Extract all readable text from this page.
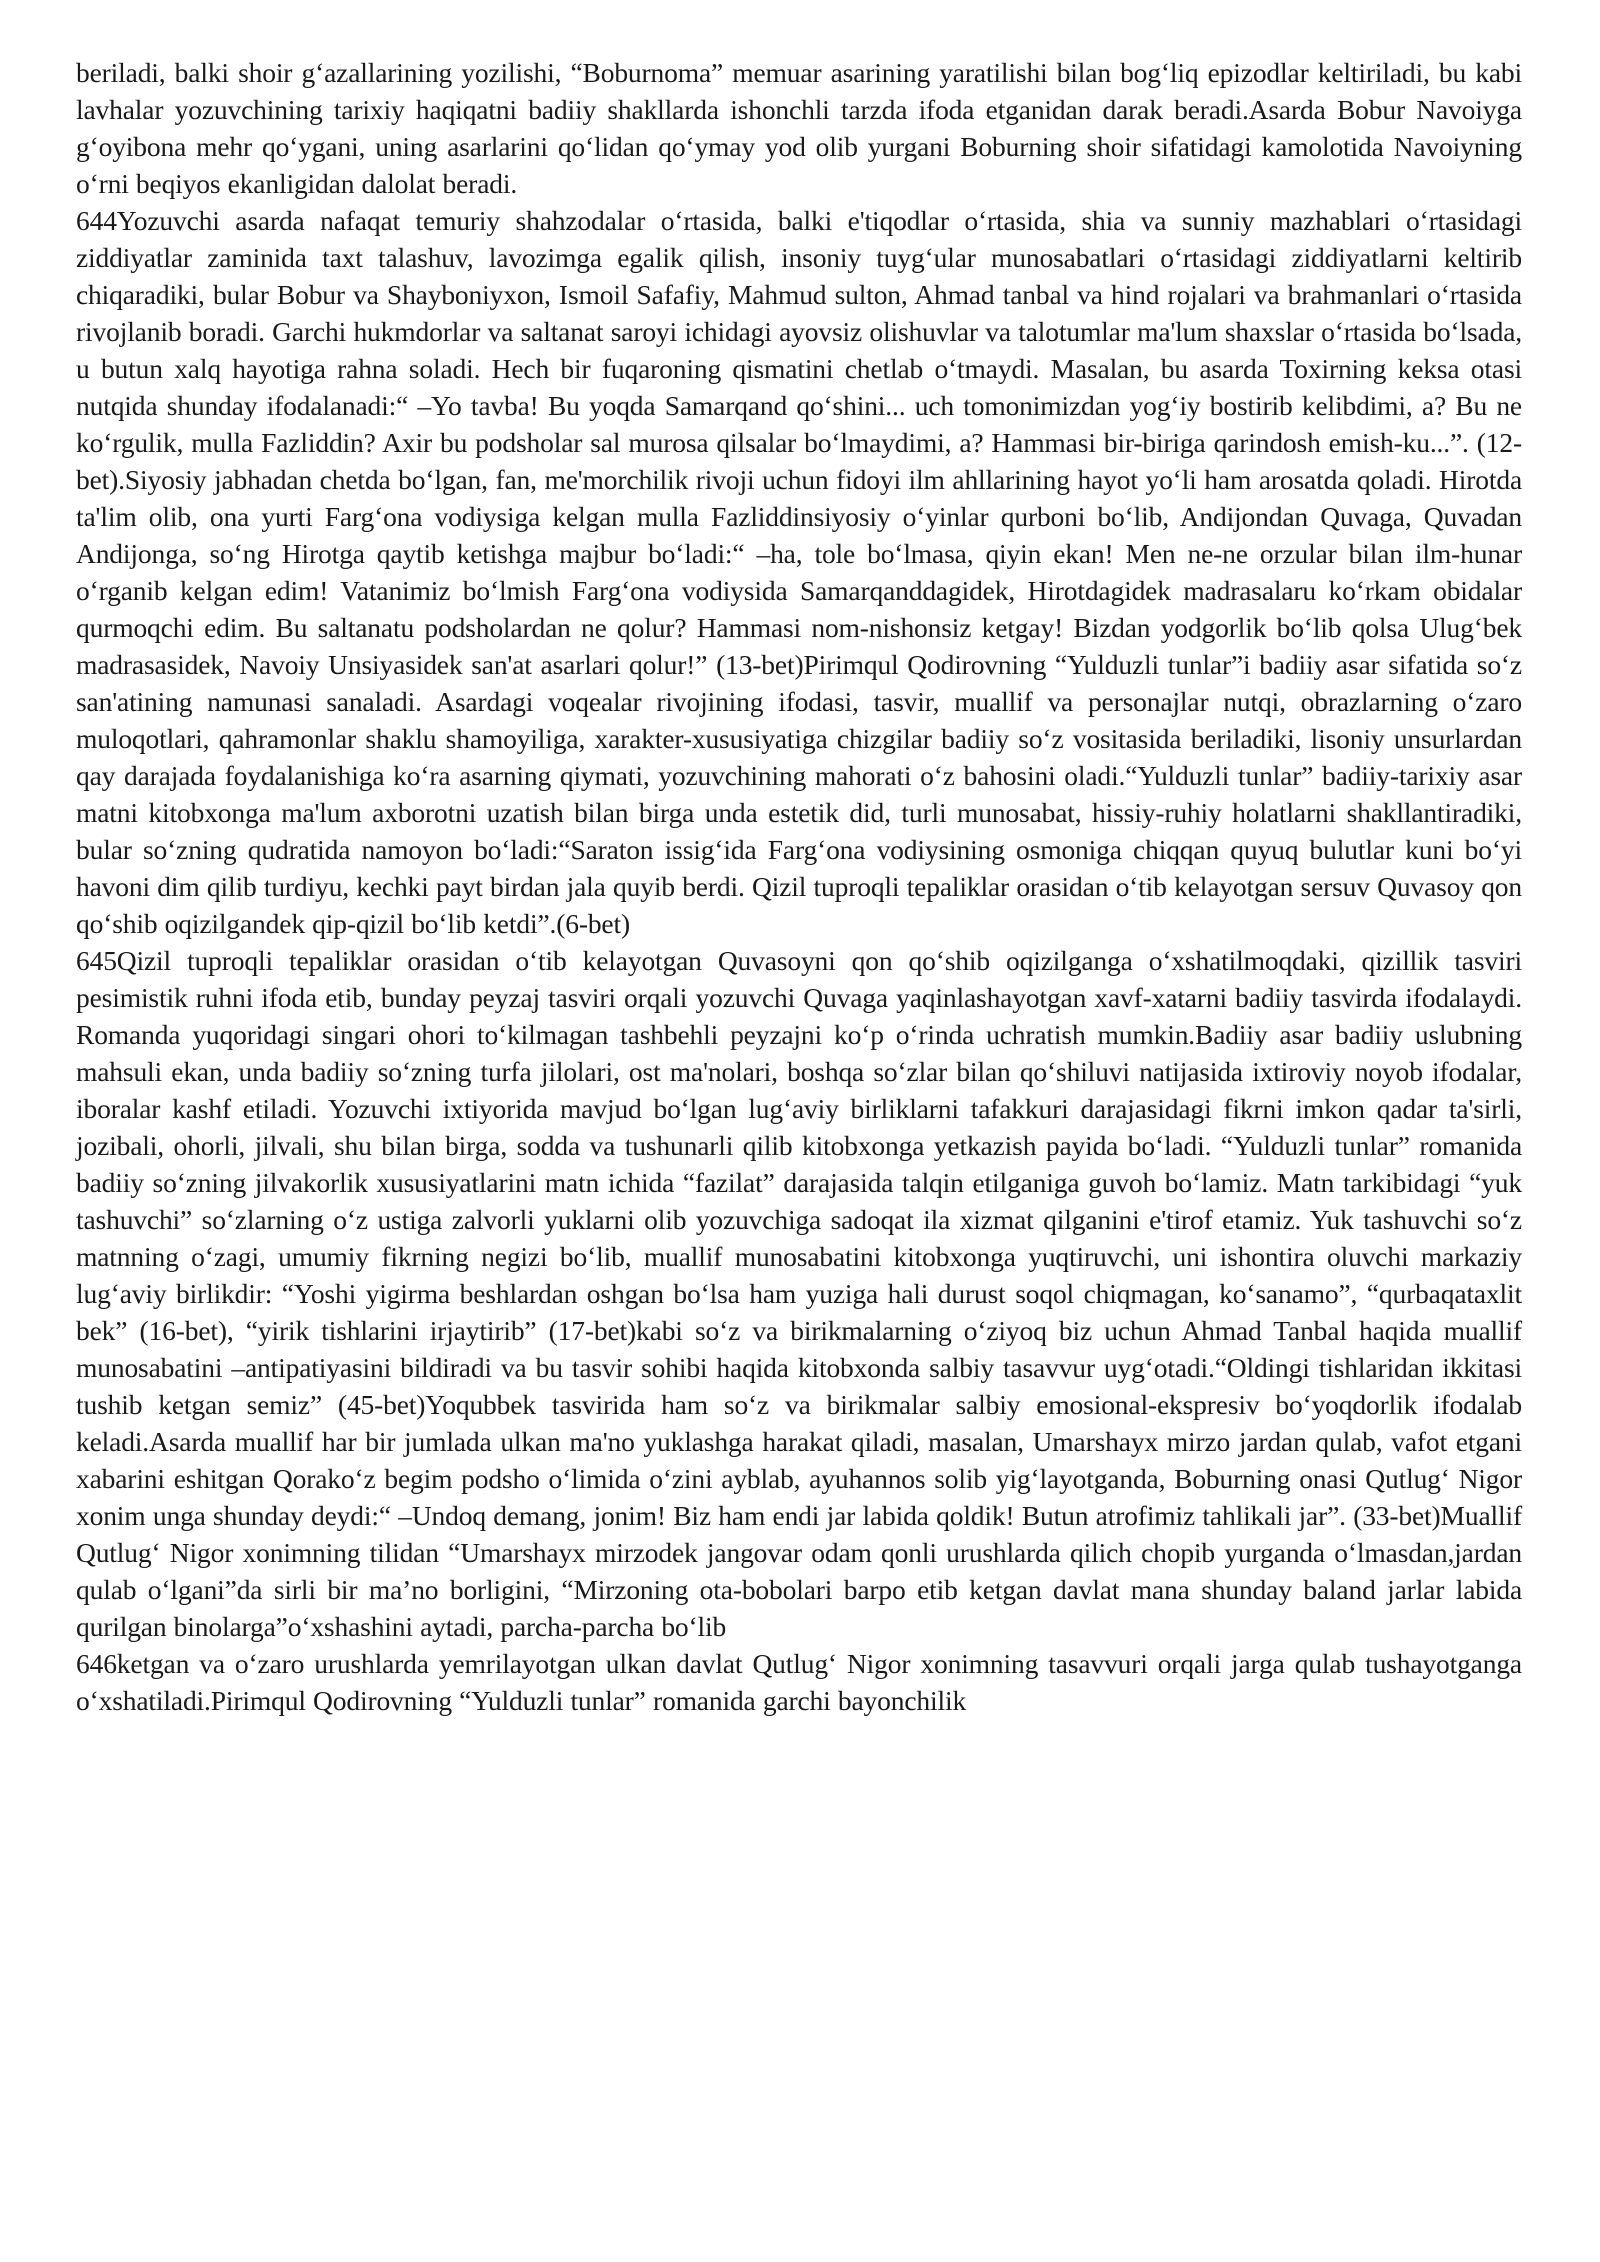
beriladi, balki shoir g‘azallarining yozilishi, “Boburnoma” memuar asarining yaratilishi bilan bog‘liq epizodlar keltiriladi, bu kabi lavhalar yozuvchining tarixiy haqiqatni badiiy shakllarda ishonchli tarzda ifoda etganidan darak beradi.Asarda Bobur Navoiyga g‘oyibona mehr qo‘ygani, uning asarlarini qo‘lidan qo‘ymay yod olib yurgani Boburning shoir sifatidagi kamolotida Navoiyning o‘rni beqiyos ekanligidan dalolat beradi.

644Yozuvchi asarda nafaqat temuriy shahzodalar o‘rtasida, balki e'tiqodlar o‘rtasida, shia va sunniy mazhablari o‘rtasidagi ziddiyatlar zaminida taxt talashuv, lavozimga egalik qilish, insoniy tuyg‘ular munosabatlari o‘rtasidagi ziddiyatlarni keltirib chiqaradiki, bular Bobur va Shayboniyxon, Ismoil Safafiy, Mahmud sulton, Ahmad tanbal va hind rojalari va brahmanlari o‘rtasida rivojlanib boradi. Garchi hukmdorlar va saltanat saroyi ichidagi ayovsiz olishuvlar va talotumlar ma'lum shaxslar o‘rtasida bo‘lsada, u butun xalq hayotiga rahna soladi. Hech bir fuqaroning qismatini chetlab o‘tmaydi. Masalan, bu asarda Toxirning keksa otasi nutqida shunday ifodalanadi:“ –Yo tavba! Bu yoqda Samarqand qo‘shini... uch tomonimizdan yog‘iy bostirib kelibdimi, a? Bu ne ko‘rgulik, mulla Fazliddin? Axir bu podsholar sal murosa qilsalar bo‘lmaydimi, a? Hammasi bir-biriga qarindosh emish-ku...”. (12-bet).Siyosiy jabhadan chetda bo‘lgan, fan, me'morchilik rivoji uchun fidoyi ilm ahllarining hayot yo‘li ham arosatda qoladi. Hirotda ta'lim olib, ona yurti Farg‘ona vodiysiga kelgan mulla Fazliddinsiyosiy o‘yinlar qurboni bo‘lib, Andijondan Quvaga, Quvadan Andijonga, so‘ng Hirotga qaytib ketishga majbur bo‘ladi:“ –ha, tole bo‘lmasa, qiyin ekan! Men ne-ne orzular bilan ilm-hunar o‘rganib kelgan edim! Vatanimiz bo‘lmish Farg‘ona vodiysida Samarqanddagidek, Hirotdagidek madrasalaru ko‘rkam obidalar qurmoqchi edim. Bu saltanatu podsholardan ne qolur? Hammasi nom-nishonsiz ketgay! Bizdan yodgorlik bo‘lib qolsa Ulug‘bek madrasasidek, Navoiy Unsiyasidek san'at asarlari qolur!” (13-bet)Pirimqul Qodirovning “Yulduzli tunlar”i badiiy asar sifatida so‘z san'atining namunasi sanaladi. Asardagi voqealar rivojining ifodasi, tasvir, muallif va personajlar nutqi, obrazlarning o‘zaro muloqotlari, qahramonlar shaklu shamoyiliga, xarakter-xususiyatiga chizgilar badiiy so‘z vositasida beriladiki, lisoniy unsurlardan qay darajada foydalanishiga ko‘ra asarning qiymati, yozuvchining mahorati o‘z bahosini oladi.“Yulduzli tunlar” badiiy-tarixiy asar matni kitobxonga ma'lum axborotni uzatish bilan birga unda estetik did, turli munosabat, hissiy-ruhiy holatlarni shakllantiradiki, bular so‘zning qudratida namoyon bo‘ladi:“Saraton issig‘ida Farg‘ona vodiysining osmoniga chiqqan quyuq bulutlar kuni bo‘yi havoni dim qilib turdiyu, kechki payt birdan jala quyib berdi. Qizil tuproqli tepaliklar orasidan o‘tib kelayotgan sersuv Quvasoy qon qo‘shib oqizilgandek qip-qizil bo‘lib ketdi”.(6-bet)

645Qizil tuproqli tepaliklar orasidan o‘tib kelayotgan Quvasoyni qon qo‘shib oqizilganga o‘xshatilmoqdaki, qizillik tasviri pesimistik ruhni ifoda etib, bunday peyzaj tasviri orqali yozuvchi Quvaga yaqinlashayotgan xavf-xatarni badiiy tasvirda ifodalaydi. Romanda yuqoridagi singari ohori to‘kilmagan tashbehli peyzajni ko‘p o‘rinda uchratish mumkin.Badiiy asar badiiy uslubning mahsuli ekan, unda badiiy so‘zning turfa jilolari, ost ma'nolari, boshqa so‘zlar bilan qo‘shiluvi natijasida ixtiroviy noyob ifodalar, iboralar kashf etiladi. Yozuvchi ixtiyorida mavjud bo‘lgan lug‘aviy birliklarni tafakkuri darajasidagi fikrni imkon qadar ta'sirli, jozibali, ohorli, jilvali, shu bilan birga, sodda va tushunarli qilib kitobxonga yetkazish payida bo‘ladi. “Yulduzli tunlar” romanida badiiy so‘zning jilvakorlik xususiyatlarini matn ichida “fazilat” darajasida talqin etilganiga guvoh bo‘lamiz. Matn tarkibidagi “yuk tashuvchi” so‘zlarning o‘z ustiga zalvorli yuklarni olib yozuvchiga sadoqat ila xizmat qilganini e'tirof etamiz. Yuk tashuvchi so‘z matnning o‘zagi, umumiy fikrning negizi bo‘lib, muallif munosabatini kitobxonga yuqtiruvchi, uni ishontira oluvchi markaziy lug‘aviy birlikdir: “Yoshi yigirma beshlardan oshgan bo‘lsa ham yuziga hali durust soqol chiqmagan, ko‘sanamo”, “qurbaqataxlit bek” (16-bet), “yirik tishlarini irjaytirib” (17-bet)kabi so‘z va birikmalarning o‘ziyoq biz uchun Ahmad Tanbal haqida muallif munosabatini –antipatiyasini bildiradi va bu tasvir sohibi haqida kitobxonda salbiy tasavvur uyg‘otadi.“Oldingi tishlaridan ikkitasi tushib ketgan semiz” (45-bet)Yoqubbek tasvirida ham so‘z va birikmalar salbiy emosional-ekspresiv bo‘yoqdorlik ifodalab keladi.Asarda muallif har bir jumlada ulkan ma'no yuklashga harakat qiladi, masalan, Umarshayx mirzo jardan qulab, vafot etgani xabarini eshitgan Qorako‘z begim podsho o‘limida o‘zini ayblab, ayuhannos solib yig‘layotganda, Boburning onasi Qutlug‘ Nigor xonim unga shunday deydi:“ –Undoq demang, jonim! Biz ham endi jar labida qoldik! Butun atrofimiz tahlikali jar”. (33-bet)Muallif Qutlug‘ Nigor xonimning tilidan “Umarshayx mirzodek jangovar odam qonli urushlarda qilich chopib yurganda o‘lmasdan,jardan qulab o‘lgani”da sirli bir ma’no borligini, “Mirzoning ota-bobolari barpo etib ketgan davlat mana shunday baland jarlar labida qurilgan binolarga”o‘xshashini aytadi, parcha-parcha bo‘lib

646ketgan va o‘zaro urushlarda yemrilayotgan ulkan davlat Qutlug‘ Nigor xonimning tasavvuri orqali jarga qulab tushayotganga o‘xshatiladi.Pirimqul Qodirovning “Yulduzli tunlar” romanida garchi bayonchilik
